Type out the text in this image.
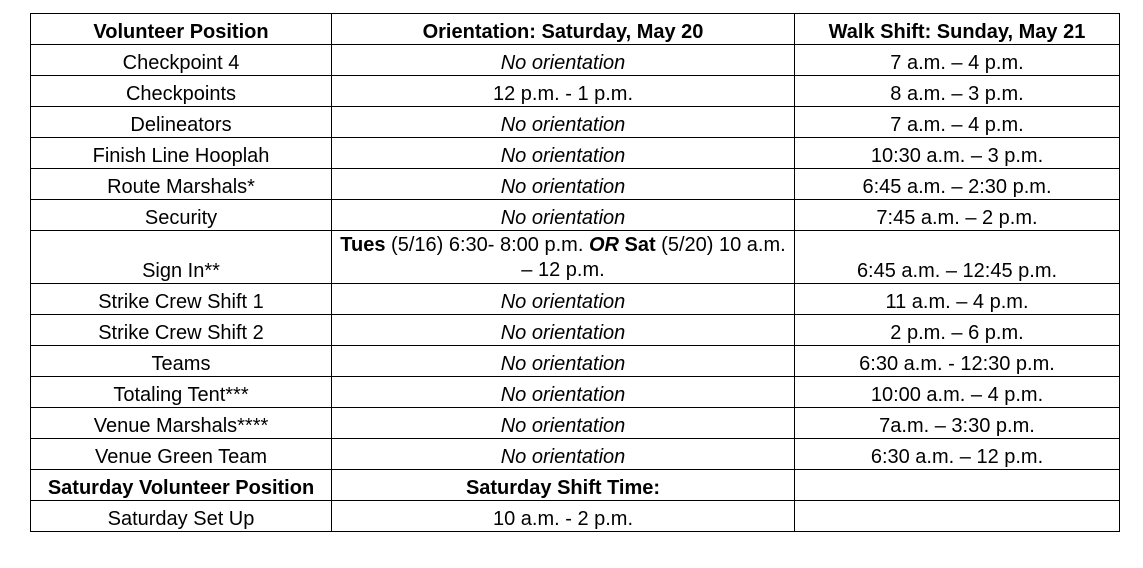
Volunteer Position	Orientation: Saturday, May 20	Walk Shift: Sunday, May 21
Checkpoint 4	No orientation	7 a.m. – 4 p.m.
Checkpoints	12 p.m. - 1 p.m.	8 a.m. – 3 p.m.
Delineators	No orientation	7 a.m. – 4 p.m.
Finish Line Hooplah	No orientation	10:30 a.m. – 3 p.m.
Route Marshals*	No orientation	6:45 a.m. – 2:30 p.m.
Security	No orientation	7:45 a.m. – 2 p.m.
Sign In**	Tues (5/16) 6:30- 8:00 p.m. OR Sat (5/20) 10 a.m. – 12 p.m.	6:45 a.m. – 12:45 p.m.
Strike Crew Shift 1	No orientation	11 a.m. – 4 p.m.
Strike Crew Shift 2	No orientation	2 p.m. – 6 p.m.
Teams	No orientation	6:30 a.m. - 12:30 p.m.
Totaling Tent***	No orientation	10:00 a.m. – 4 p.m.
Venue Marshals****	No orientation	7a.m. – 3:30 p.m.
Venue Green Team	No orientation	6:30 a.m. – 12 p.m.
Saturday Volunteer Position	Saturday Shift Time:	
Saturday Set Up	10 a.m. - 2 p.m.	
